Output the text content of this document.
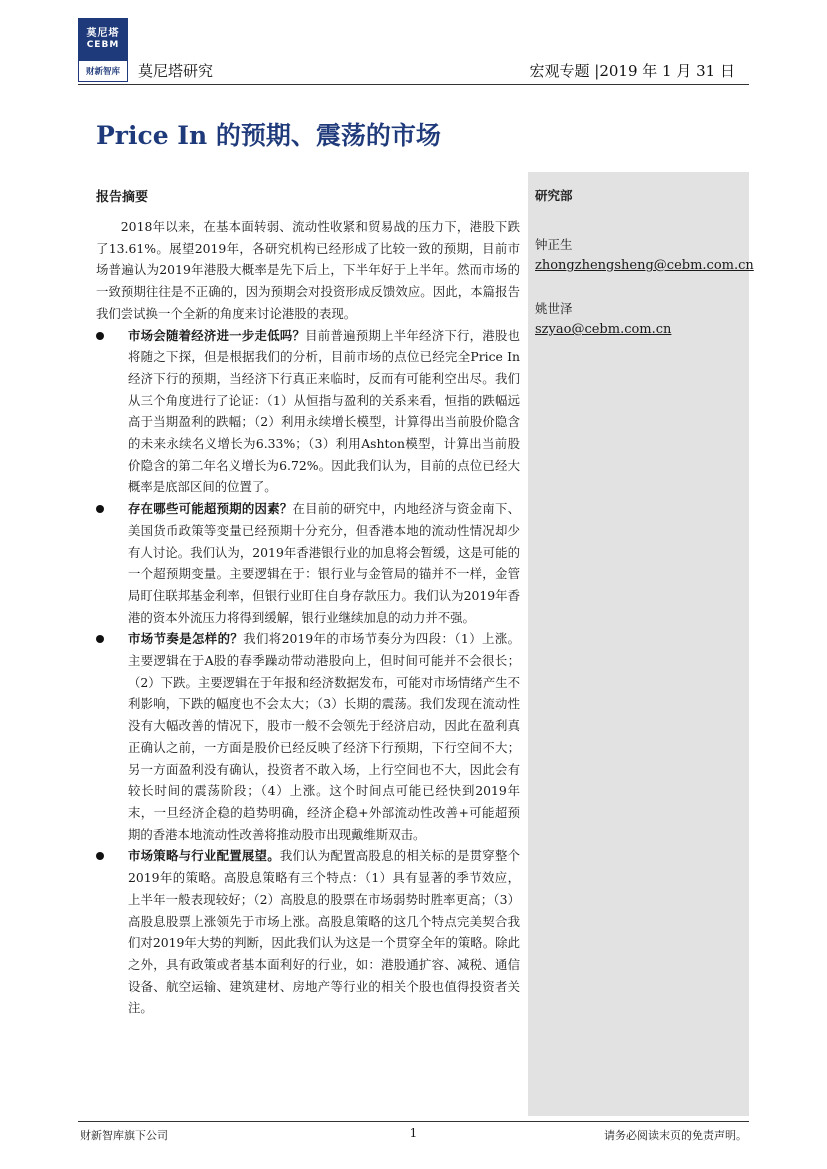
莫尼塔
CEBM
财新智库	莫尼塔研究	宏观专题 |2019 年 1 月 31 日
Price In 的预期、震荡的市场
研究部
钟正生
zhongzhengsheng@cebm.com.cn
姚世泽
szyao@cebm.com.cn
报告摘要

2018年以来，在基本面转弱、流动性收紧和贸易战的压力下，港股下跌了13.61%。展望2019年，各研究机构已经形成了比较一致的预期，目前市场普遍认为2019年港股大概率是先下后上，下半年好于上半年。然而市场的一致预期往往是不正确的，因为预期会对投资形成反馈效应。因此，本篇报告我们尝试换一个全新的角度来讨论港股的表现。

市场会随着经济进一步走低吗？目前普遍预期上半年经济下行，港股也将随之下探，但是根据我们的分析，目前市场的点位已经完全Price In经济下行的预期，当经济下行真正来临时，反而有可能利空出尽。我们从三个角度进行了论证：（1）从恒指与盈利的关系来看，恒指的跌幅远高于当期盈利的跌幅；（2）利用永续增长模型，计算得出当前股价隐含的未来永续名义增长为6.33%；（3）利用Ashton模型，计算出当前股价隐含的第二年名义增长为6.72%。因此我们认为，目前的点位已经大概率是底部区间的位置了。
存在哪些可能超预期的因素？在目前的研究中，内地经济与资金南下、美国货币政策等变量已经预期十分充分，但香港本地的流动性情况却少有人讨论。我们认为，2019年香港银行业的加息将会暂缓，这是可能的一个超预期变量。主要逻辑在于：银行业与金管局的锚并不一样，金管局盯住联邦基金利率，但银行业盯住自身存款压力。我们认为2019年香港的资本外流压力将得到缓解，银行业继续加息的动力并不强。
市场节奏是怎样的？我们将2019年的市场节奏分为四段：（1）上涨。主要逻辑在于A股的春季躁动带动港股向上，但时间可能并不会很长；（2）下跌。主要逻辑在于年报和经济数据发布，可能对市场情绪产生不利影响，下跌的幅度也不会太大；（3）长期的震荡。我们发现在流动性没有大幅改善的情况下，股市一般不会领先于经济启动，因此在盈利真正确认之前，一方面是股价已经反映了经济下行预期，下行空间不大；另一方面盈利没有确认，投资者不敢入场，上行空间也不大，因此会有较长时间的震荡阶段；（4）上涨。这个时间点可能已经快到2019年末，一旦经济企稳的趋势明确，经济企稳+外部流动性改善+可能超预期的香港本地流动性改善将推动股市出现戴维斯双击。
市场策略与行业配置展望。我们认为配置高股息的相关标的是贯穿整个2019年的策略。高股息策略有三个特点：（1）具有显著的季节效应，上半年一般表现较好；（2）高股息的股票在市场弱势时胜率更高；（3）高股息股票上涨领先于市场上涨。高股息策略的这几个特点完美契合我们对2019年大势的判断，因此我们认为这是一个贯穿全年的策略。除此之外，具有政策或者基本面利好的行业，如：港股通扩容、减税、通信设备、航空运输、建筑建材、房地产等行业的相关个股也值得投资者关注。
财新智库旗下公司	1	请务必阅读末页的免责声明。
